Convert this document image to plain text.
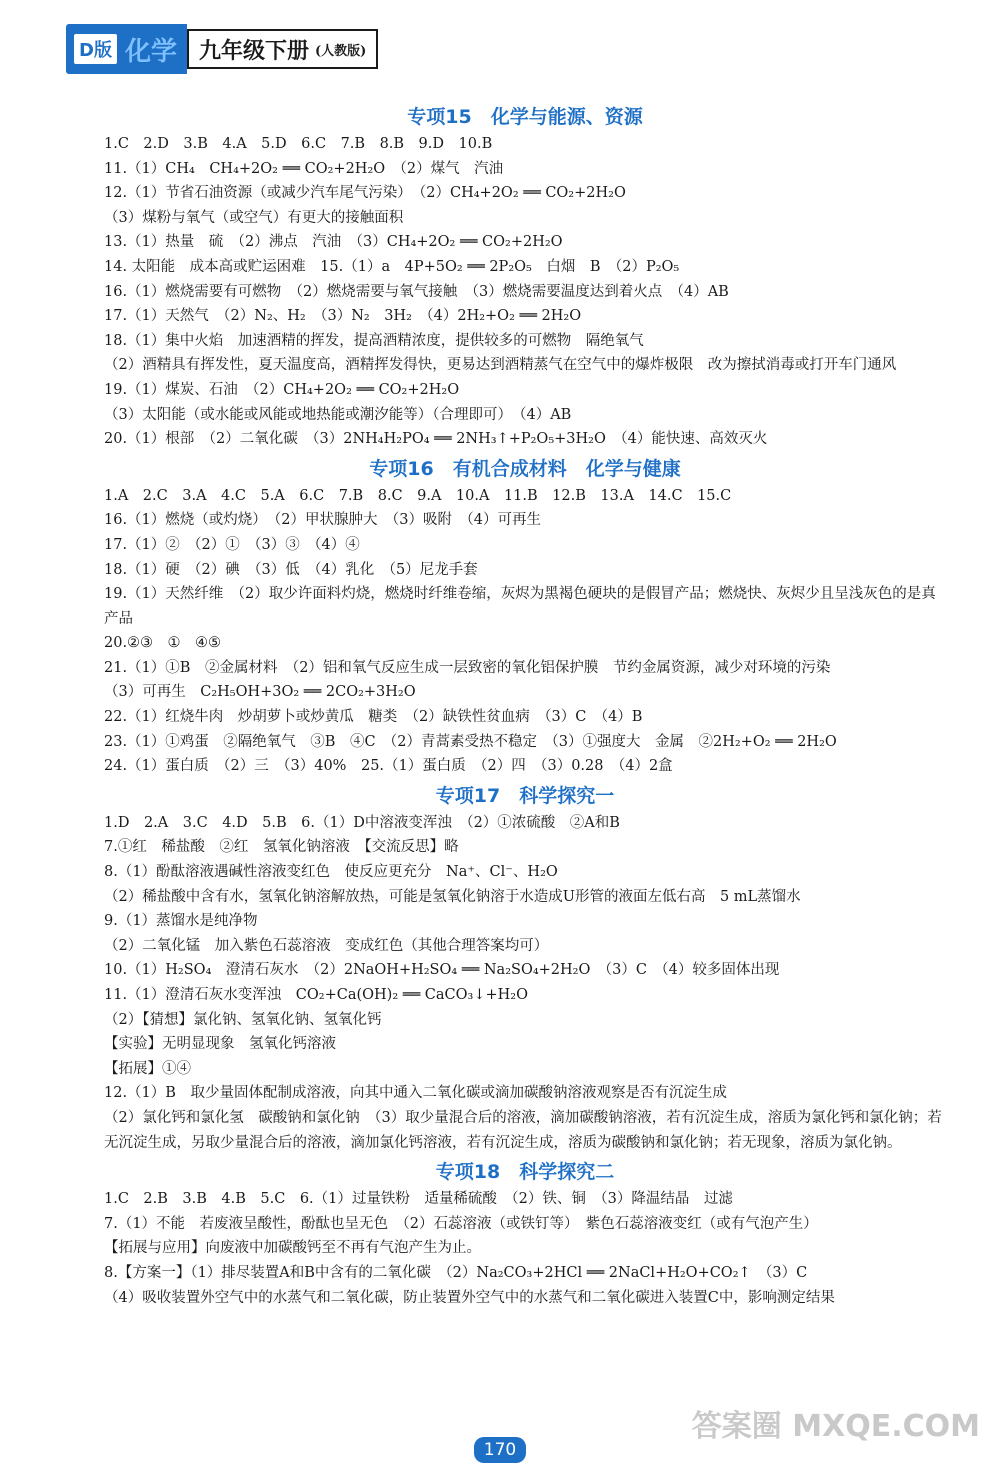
D版 化学 九年级下册 (人教版)
专项15　化学与能源、资源
1.C　2.D　3.B　4.A　5.D　6.C　7.B　8.B　9.D　10.B
11.（1）CH₄　CH₄+2O₂ ══ CO₂+2H₂O　（2）煤气　汽油
12.（1）节省石油资源（或减少汽车尾气污染）　（2）CH₄+2O₂ ══ CO₂+2H₂O
（3）煤粉与氧气（或空气）有更大的接触面积
13.（1）热量　硫　（2）沸点　汽油　（3）CH₄+2O₂ ══ CO₂+2H₂O
14. 太阳能　成本高或贮运困难　15.（1）a　4P+5O₂ ══ 2P₂O₅　白烟　B　（2）P₂O₅
16.（1）燃烧需要有可燃物　（2）燃烧需要与氧气接触　（3）燃烧需要温度达到着火点　（4）AB
17.（1）天然气　（2）N₂、H₂　（3）N₂　3H₂　（4）2H₂+O₂ ══ 2H₂O
18.（1）集中火焰　加速酒精的挥发，提高酒精浓度，提供较多的可燃物　隔绝氧气
（2）酒精具有挥发性，夏天温度高，酒精挥发得快，更易达到酒精蒸气在空气中的爆炸极限　改为擦拭消毒或打开车门通风
19.（1）煤炭、石油　（2）CH₄+2O₂ ══ CO₂+2H₂O
（3）太阳能（或水能或风能或地热能或潮汐能等）（合理即可）　（4）AB
20.（1）根部　（2）二氧化碳　（3）2NH₄H₂PO₄ ══ 2NH₃↑+P₂O₅+3H₂O　（4）能快速、高效灭火
专项16　有机合成材料　化学与健康
1.A　2.C　3.A　4.C　5.A　6.C　7.B　8.C　9.A　10.A　11.B　12.B　13.A　14.C　15.C
16.（1）燃烧（或灼烧）　（2）甲状腺肿大　（3）吸附　（4）可再生
17.（1）②　（2）①　（3）③　（4）④
18.（1）硬　（2）碘　（3）低　（4）乳化　（5）尼龙手套
19.（1）天然纤维　（2）取少许面料灼烧，燃烧时纤维卷缩，灰烬为黑褐色硬块的是假冒产品；燃烧快、灰烬少且呈浅灰色的是真产品
20.②③　①　④⑤
21.（1）①B　②金属材料　（2）铝和氧气反应生成一层致密的氧化铝保护膜　节约金属资源，减少对环境的污染
（3）可再生　C₂H₅OH+3O₂ ══ 2CO₂+3H₂O
22.（1）红烧牛肉　炒胡萝卜或炒黄瓜　糖类　（2）缺铁性贫血病　（3）C　（4）B
23.（1）①鸡蛋　②隔绝氧气　③B　④C　（2）青蒿素受热不稳定　（3）①强度大　金属　②2H₂+O₂ ══ 2H₂O
24.（1）蛋白质　（2）三　（3）40%　25.（1）蛋白质　（2）四　（3）0.28　（4）2盒
专项17　科学探究一
1.D　2.A　3.C　4.D　5.B　6.（1）D中溶液变浑浊　（2）①浓硫酸　②A和B
7.①红　稀盐酸　②红　氢氧化钠溶液　【交流反思】略
8.（1）酚酞溶液遇碱性溶液变红色　使反应更充分　Na⁺、Cl⁻、H₂O
（2）稀盐酸中含有水，氢氧化钠溶解放热，可能是氢氧化钠溶于水造成U形管的液面左低右高　5 mL蒸馏水
9.（1）蒸馏水是纯净物
（2）二氧化锰　加入紫色石蕊溶液　变成红色（其他合理答案均可）
10.（1）H₂SO₄　澄清石灰水　（2）2NaOH+H₂SO₄ ══ Na₂SO₄+2H₂O　（3）C　（4）较多固体出现
11.（1）澄清石灰水变浑浊　CO₂+Ca(OH)₂ ══ CaCO₃↓+H₂O
（2）【猜想】氯化钠、氢氧化钠、氢氧化钙
【实验】无明显现象　氢氧化钙溶液
【拓展】①④
12.（1）B　取少量固体配制成溶液，向其中通入二氧化碳或滴加碳酸钠溶液观察是否有沉淀生成
（2）氯化钙和氯化氢　碳酸钠和氯化钠　（3）取少量混合后的溶液，滴加碳酸钠溶液，若有沉淀生成，溶质为氯化钙和氯化钠；若无沉淀生成，另取少量混合后的溶液，滴加氯化钙溶液，若有沉淀生成，溶质为碳酸钠和氯化钠；若无现象，溶质为氯化钠。
专项18　科学探究二
1.C　2.B　3.B　4.B　5.C　6.（1）过量铁粉　适量稀硫酸　（2）铁、铜　（3）降温结晶　过滤
7.（1）不能　若废液呈酸性，酚酞也呈无色　（2）石蕊溶液（或铁钉等）　紫色石蕊溶液变红（或有气泡产生）
【拓展与应用】向废液中加碳酸钙至不再有气泡产生为止。
8.【方案一】（1）排尽装置A和B中含有的二氧化碳　（2）Na₂CO₃+2HCl ══ 2NaCl+H₂O+CO₂↑　（3）C
（4）吸收装置外空气中的水蒸气和二氧化碳，防止装置外空气中的水蒸气和二氧化碳进入装置C中，影响测定结果
170
答案圈 MXQE.COM
